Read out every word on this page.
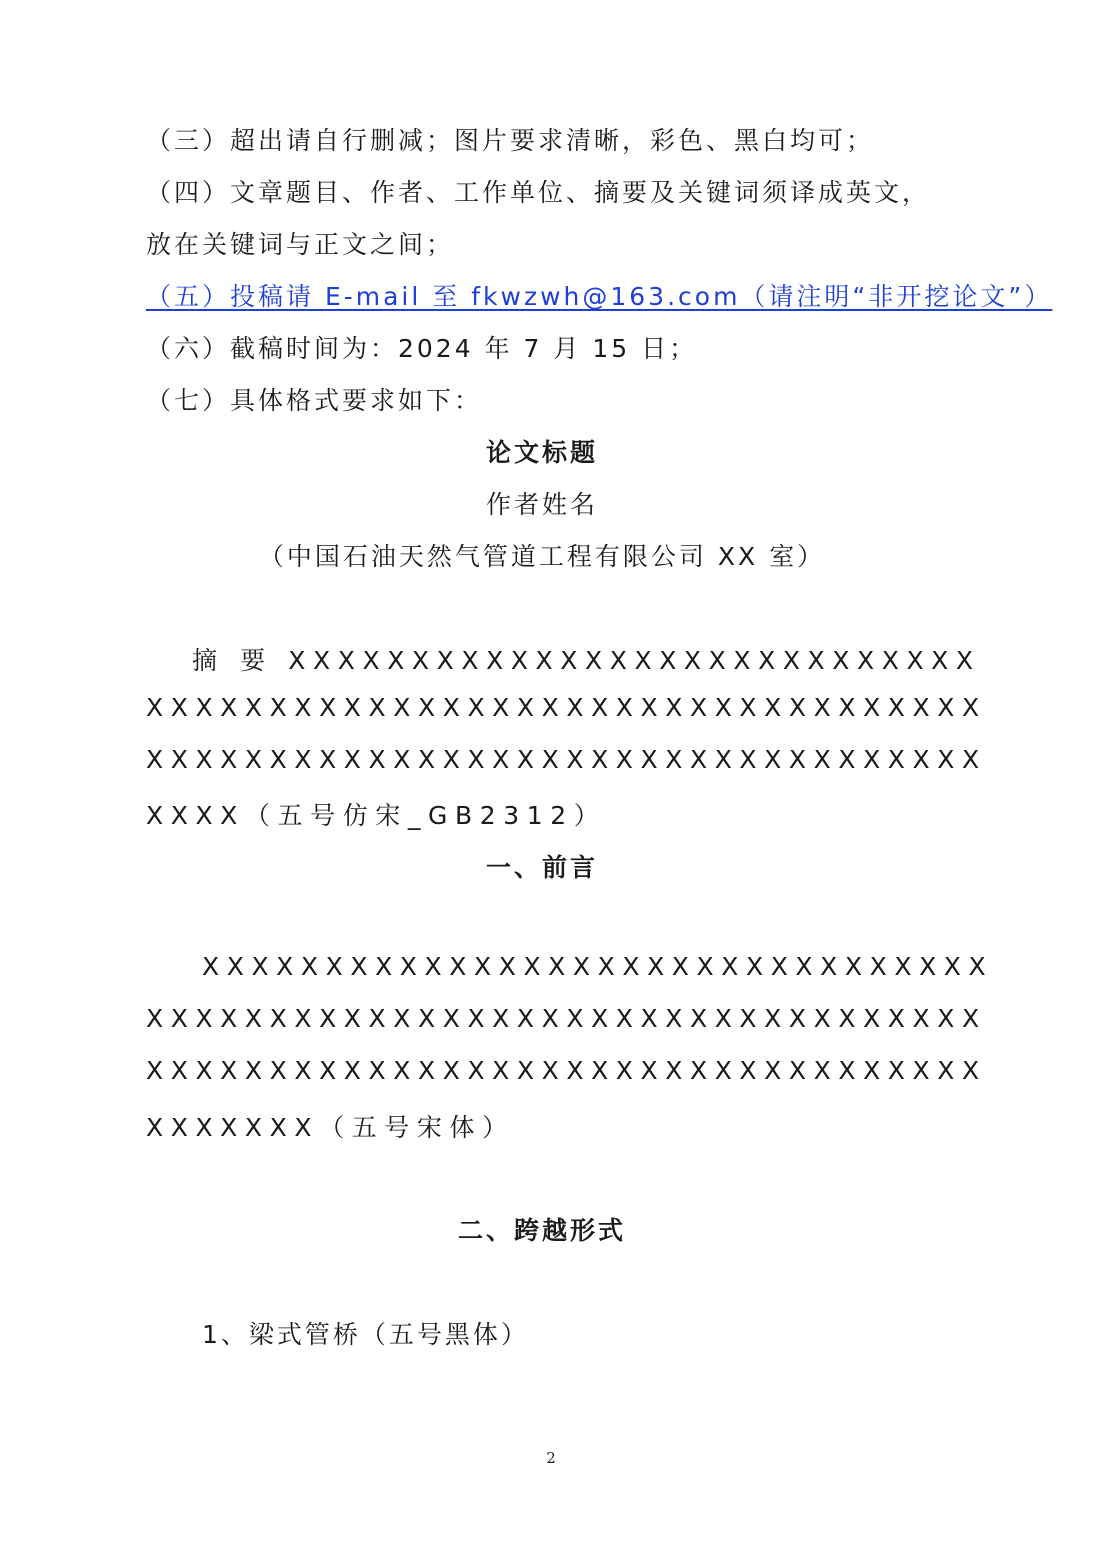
（三）超出请自行删减；图片要求清晰，彩色、黑白均可；
（四）文章题目、作者、工作单位、摘要及关键词须译成英文，
放在关键词与正文之间；
（五）投稿请 E-mail 至 fkwzwh@163.com（请注明“非开挖论文”）
（六）截稿时间为：2024 年 7 月 15 日；
（七）具体格式要求如下：
论文标题
作者姓名
（中国石油天然气管道工程有限公司 XX 室）
摘 要 XXXXXXXXXXXXXXXXXXXXXXXXXXXX
XXXXXXXXXXXXXXXXXXXXXXXXXXXXXXXXXX
XXXXXXXXXXXXXXXXXXXXXXXXXXXXXXXXXX
XXXX（五号仿宋_GB2312）
一、前言
XXXXXXXXXXXXXXXXXXXXXXXXXXXXXXXX
XXXXXXXXXXXXXXXXXXXXXXXXXXXXXXXXXX
XXXXXXXXXXXXXXXXXXXXXXXXXXXXXXXXXX
XXXXXXX（五号宋体）
二、跨越形式
1、梁式管桥（五号黑体）
2
